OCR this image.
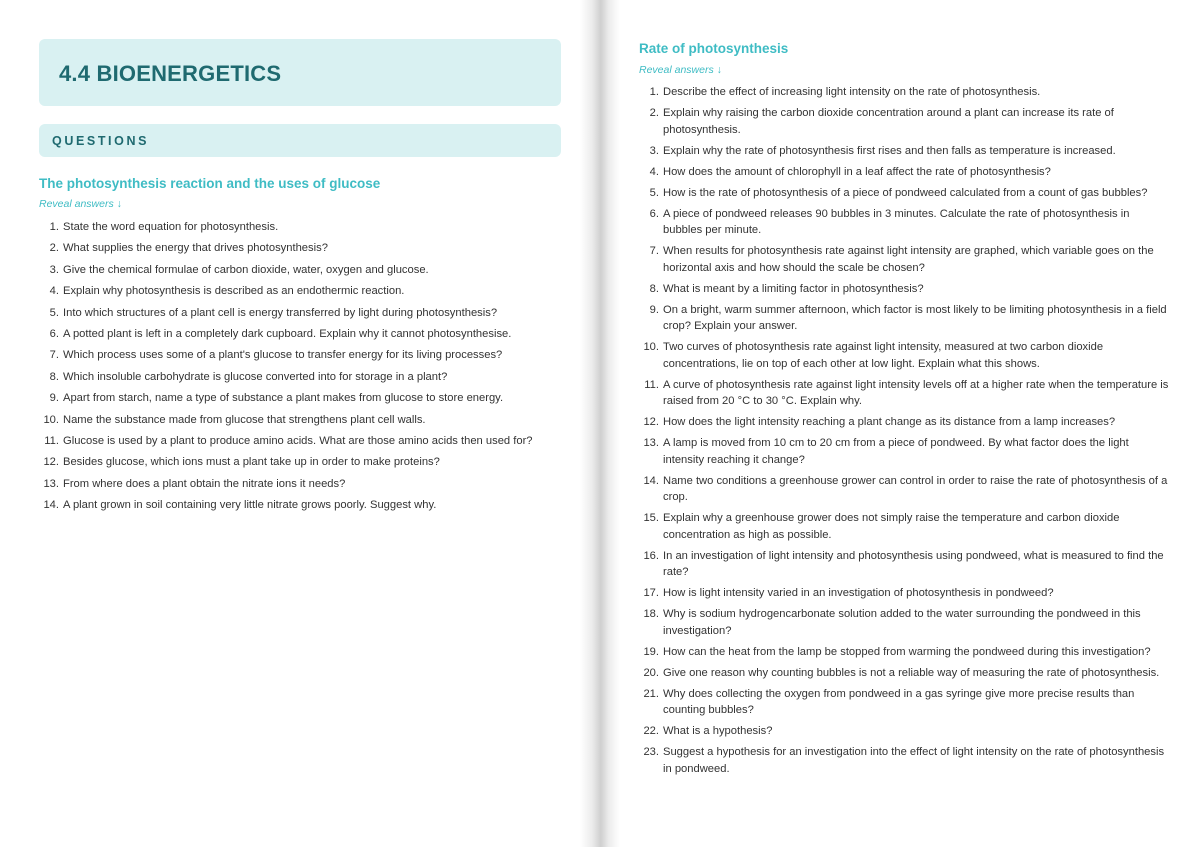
4.4 BIOENERGETICS
QUESTIONS
The photosynthesis reaction and the uses of glucose
Reveal answers ↓
1. State the word equation for photosynthesis.
2. What supplies the energy that drives photosynthesis?
3. Give the chemical formulae of carbon dioxide, water, oxygen and glucose.
4. Explain why photosynthesis is described as an endothermic reaction.
5. Into which structures of a plant cell is energy transferred by light during photosynthesis?
6. A potted plant is left in a completely dark cupboard. Explain why it cannot photosynthesise.
7. Which process uses some of a plant's glucose to transfer energy for its living processes?
8. Which insoluble carbohydrate is glucose converted into for storage in a plant?
9. Apart from starch, name a type of substance a plant makes from glucose to store energy.
10. Name the substance made from glucose that strengthens plant cell walls.
11. Glucose is used by a plant to produce amino acids. What are those amino acids then used for?
12. Besides glucose, which ions must a plant take up in order to make proteins?
13. From where does a plant obtain the nitrate ions it needs?
14. A plant grown in soil containing very little nitrate grows poorly. Suggest why.
Rate of photosynthesis
Reveal answers ↓
1. Describe the effect of increasing light intensity on the rate of photosynthesis.
2. Explain why raising the carbon dioxide concentration around a plant can increase its rate of photosynthesis.
3. Explain why the rate of photosynthesis first rises and then falls as temperature is increased.
4. How does the amount of chlorophyll in a leaf affect the rate of photosynthesis?
5. How is the rate of photosynthesis of a piece of pondweed calculated from a count of gas bubbles?
6. A piece of pondweed releases 90 bubbles in 3 minutes. Calculate the rate of photosynthesis in bubbles per minute.
7. When results for photosynthesis rate against light intensity are graphed, which variable goes on the horizontal axis and how should the scale be chosen?
8. What is meant by a limiting factor in photosynthesis?
9. On a bright, warm summer afternoon, which factor is most likely to be limiting photosynthesis in a field crop? Explain your answer.
10. Two curves of photosynthesis rate against light intensity, measured at two carbon dioxide concentrations, lie on top of each other at low light. Explain what this shows.
11. A curve of photosynthesis rate against light intensity levels off at a higher rate when the temperature is raised from 20 °C to 30 °C. Explain why.
12. How does the light intensity reaching a plant change as its distance from a lamp increases?
13. A lamp is moved from 10 cm to 20 cm from a piece of pondweed. By what factor does the light intensity reaching it change?
14. Name two conditions a greenhouse grower can control in order to raise the rate of photosynthesis of a crop.
15. Explain why a greenhouse grower does not simply raise the temperature and carbon dioxide concentration as high as possible.
16. In an investigation of light intensity and photosynthesis using pondweed, what is measured to find the rate?
17. How is light intensity varied in an investigation of photosynthesis in pondweed?
18. Why is sodium hydrogencarbonate solution added to the water surrounding the pondweed in this investigation?
19. How can the heat from the lamp be stopped from warming the pondweed during this investigation?
20. Give one reason why counting bubbles is not a reliable way of measuring the rate of photosynthesis.
21. Why does collecting the oxygen from pondweed in a gas syringe give more precise results than counting bubbles?
22. What is a hypothesis?
23. Suggest a hypothesis for an investigation into the effect of light intensity on the rate of photosynthesis in pondweed.
